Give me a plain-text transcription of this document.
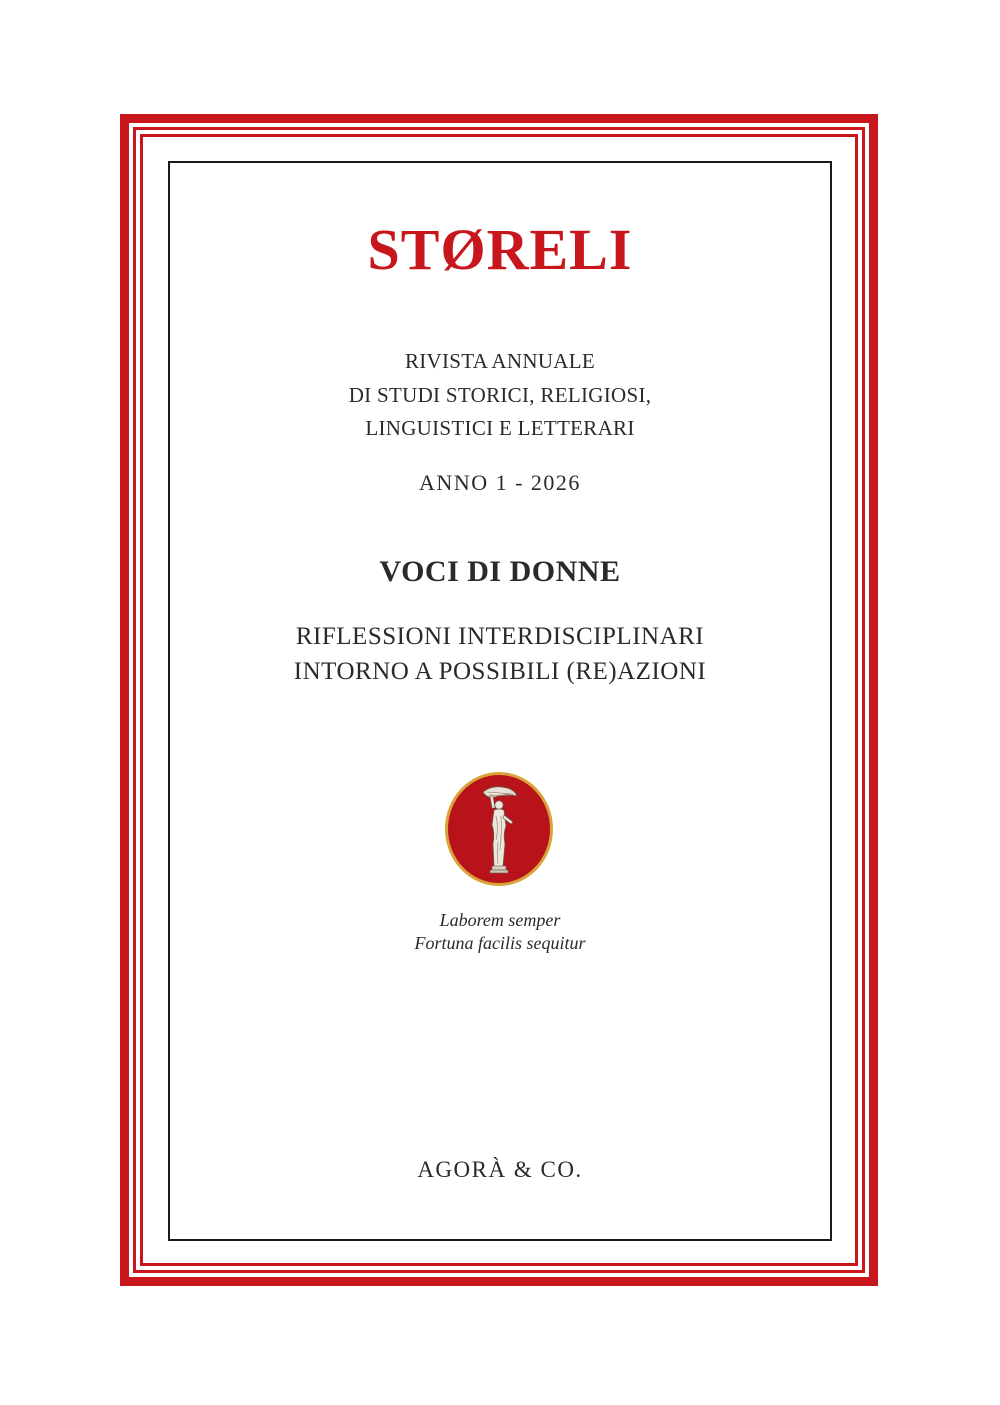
STØRELI

RIVISTA ANNUALE

DI STUDI STORICI, RELIGIOSI,

LINGUISTICI E LETTERARI

ANNO 1 - 2026

VOCI DI DONNE

RIFLESSIONI INTERDISCIPLINARI

INTORNO A POSSIBILI (RE)AZIONI

Laborem semper

Fortuna facilis sequitur

AGORÀ & CO.
